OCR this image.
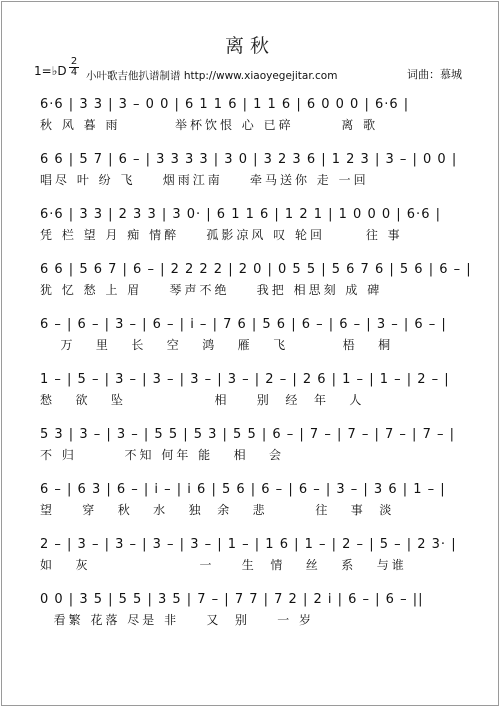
离秋
1=♭D $\frac{2}{4}$ 小叶歌吉他扒谱制谱 http://www.xiaoyegejitar.com	词曲：慕城
6·6 | 3 3 | 3 – 0 0 | 6 1 1 6 | 1 1 6 | 6 0 0 0 | 6·6 |
秋 风 暮 雨        举杯饮恨 心 已碎       离 歌
6 6 | 5 7 | 6 – | 3 3 3 3 | 3 0 | 3 2 3 6 | 1 2 3 | 3 – | 0 0 |
唱尽 叶 纷 飞    烟雨江南    牵马送你 走 一回
6·6 | 3 3 | 2 3 3 | 3 0· | 6 1 1 6 | 1 2 1 | 1 0 0 0 | 6·6 |
凭 栏 望 月 痴 情醉    孤影凉风 叹 轮回      往 事
6 6 | 5 6 7 | 6 – | 2 2 2 2 | 2 0 | 0 5 5 | 5 6 7 6 | 5 6 | 6 – |
犹 忆 愁 上 眉    琴声不绝    我把 相思刻 成 碑
6 – | 6 – | 3 – | 6 – | i – | 7 6 | 5 6 | 6 – | 6 – | 3 – | 6 – |
万   里   长   空   鸿   雁   飞        梧   桐
1 – | 5 – | 3 – | 3 – | 3 – | 3 – | 2 – | 2 6 | 1 – | 1 – | 2 – |
愁   欲   坠             相    别  经  年   人
5 3 | 3 – | 3 – | 5 5 | 5 3 | 5 5 | 6 – | 7 – | 7 – | 7 – | 7 – |
不 归       不知 何年 能   相   会
6 – | 6 3 | 6 – | i – | i 6 | 5 6 | 6 – | 6 – | 3 – | 3 6 | 1 – |
望    穿   秋   水   独  余   悲       往   事  淡
2 – | 3 – | 3 – | 3 – | 3 – | 1 – | 1 6 | 1 – | 2 – | 5 – | 2 3· |
如   灰                一    生  情   丝   系   与谁
0 0 | 3 5 | 5 5 | 3 5 | 7 – | 7 7 | 7 2 | 2 i | 6 – | 6 – ||
看繁 花落 尽是 非    又  别    一 岁
